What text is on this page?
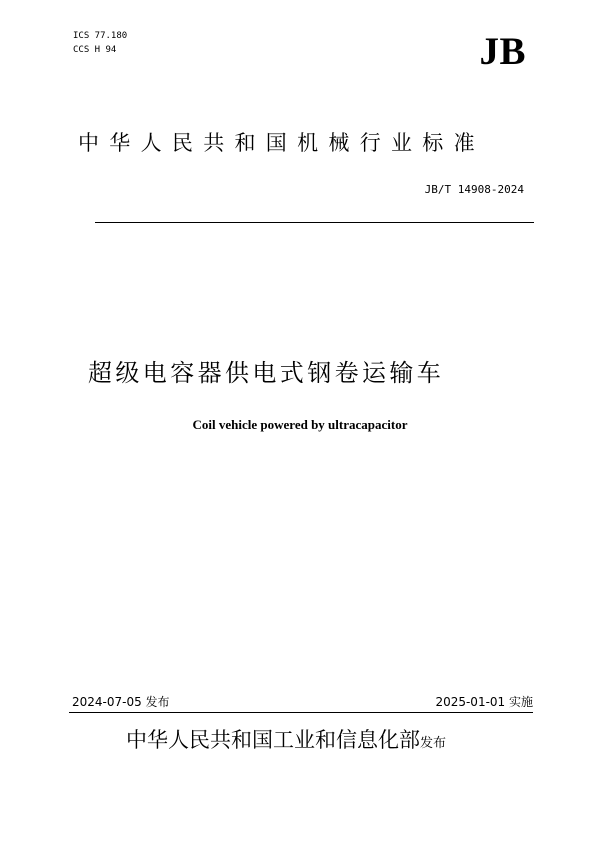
ICS 77.180
CCS H 94	JB
中华人民共和国机械行业标准
JB/T 14908-2024
超级电容器供电式钢卷运输车
Coil vehicle powered by ultracapacitor
2024-07-05 发布	2025-01-01 实施
中华人民共和国工业和信息化部发布
